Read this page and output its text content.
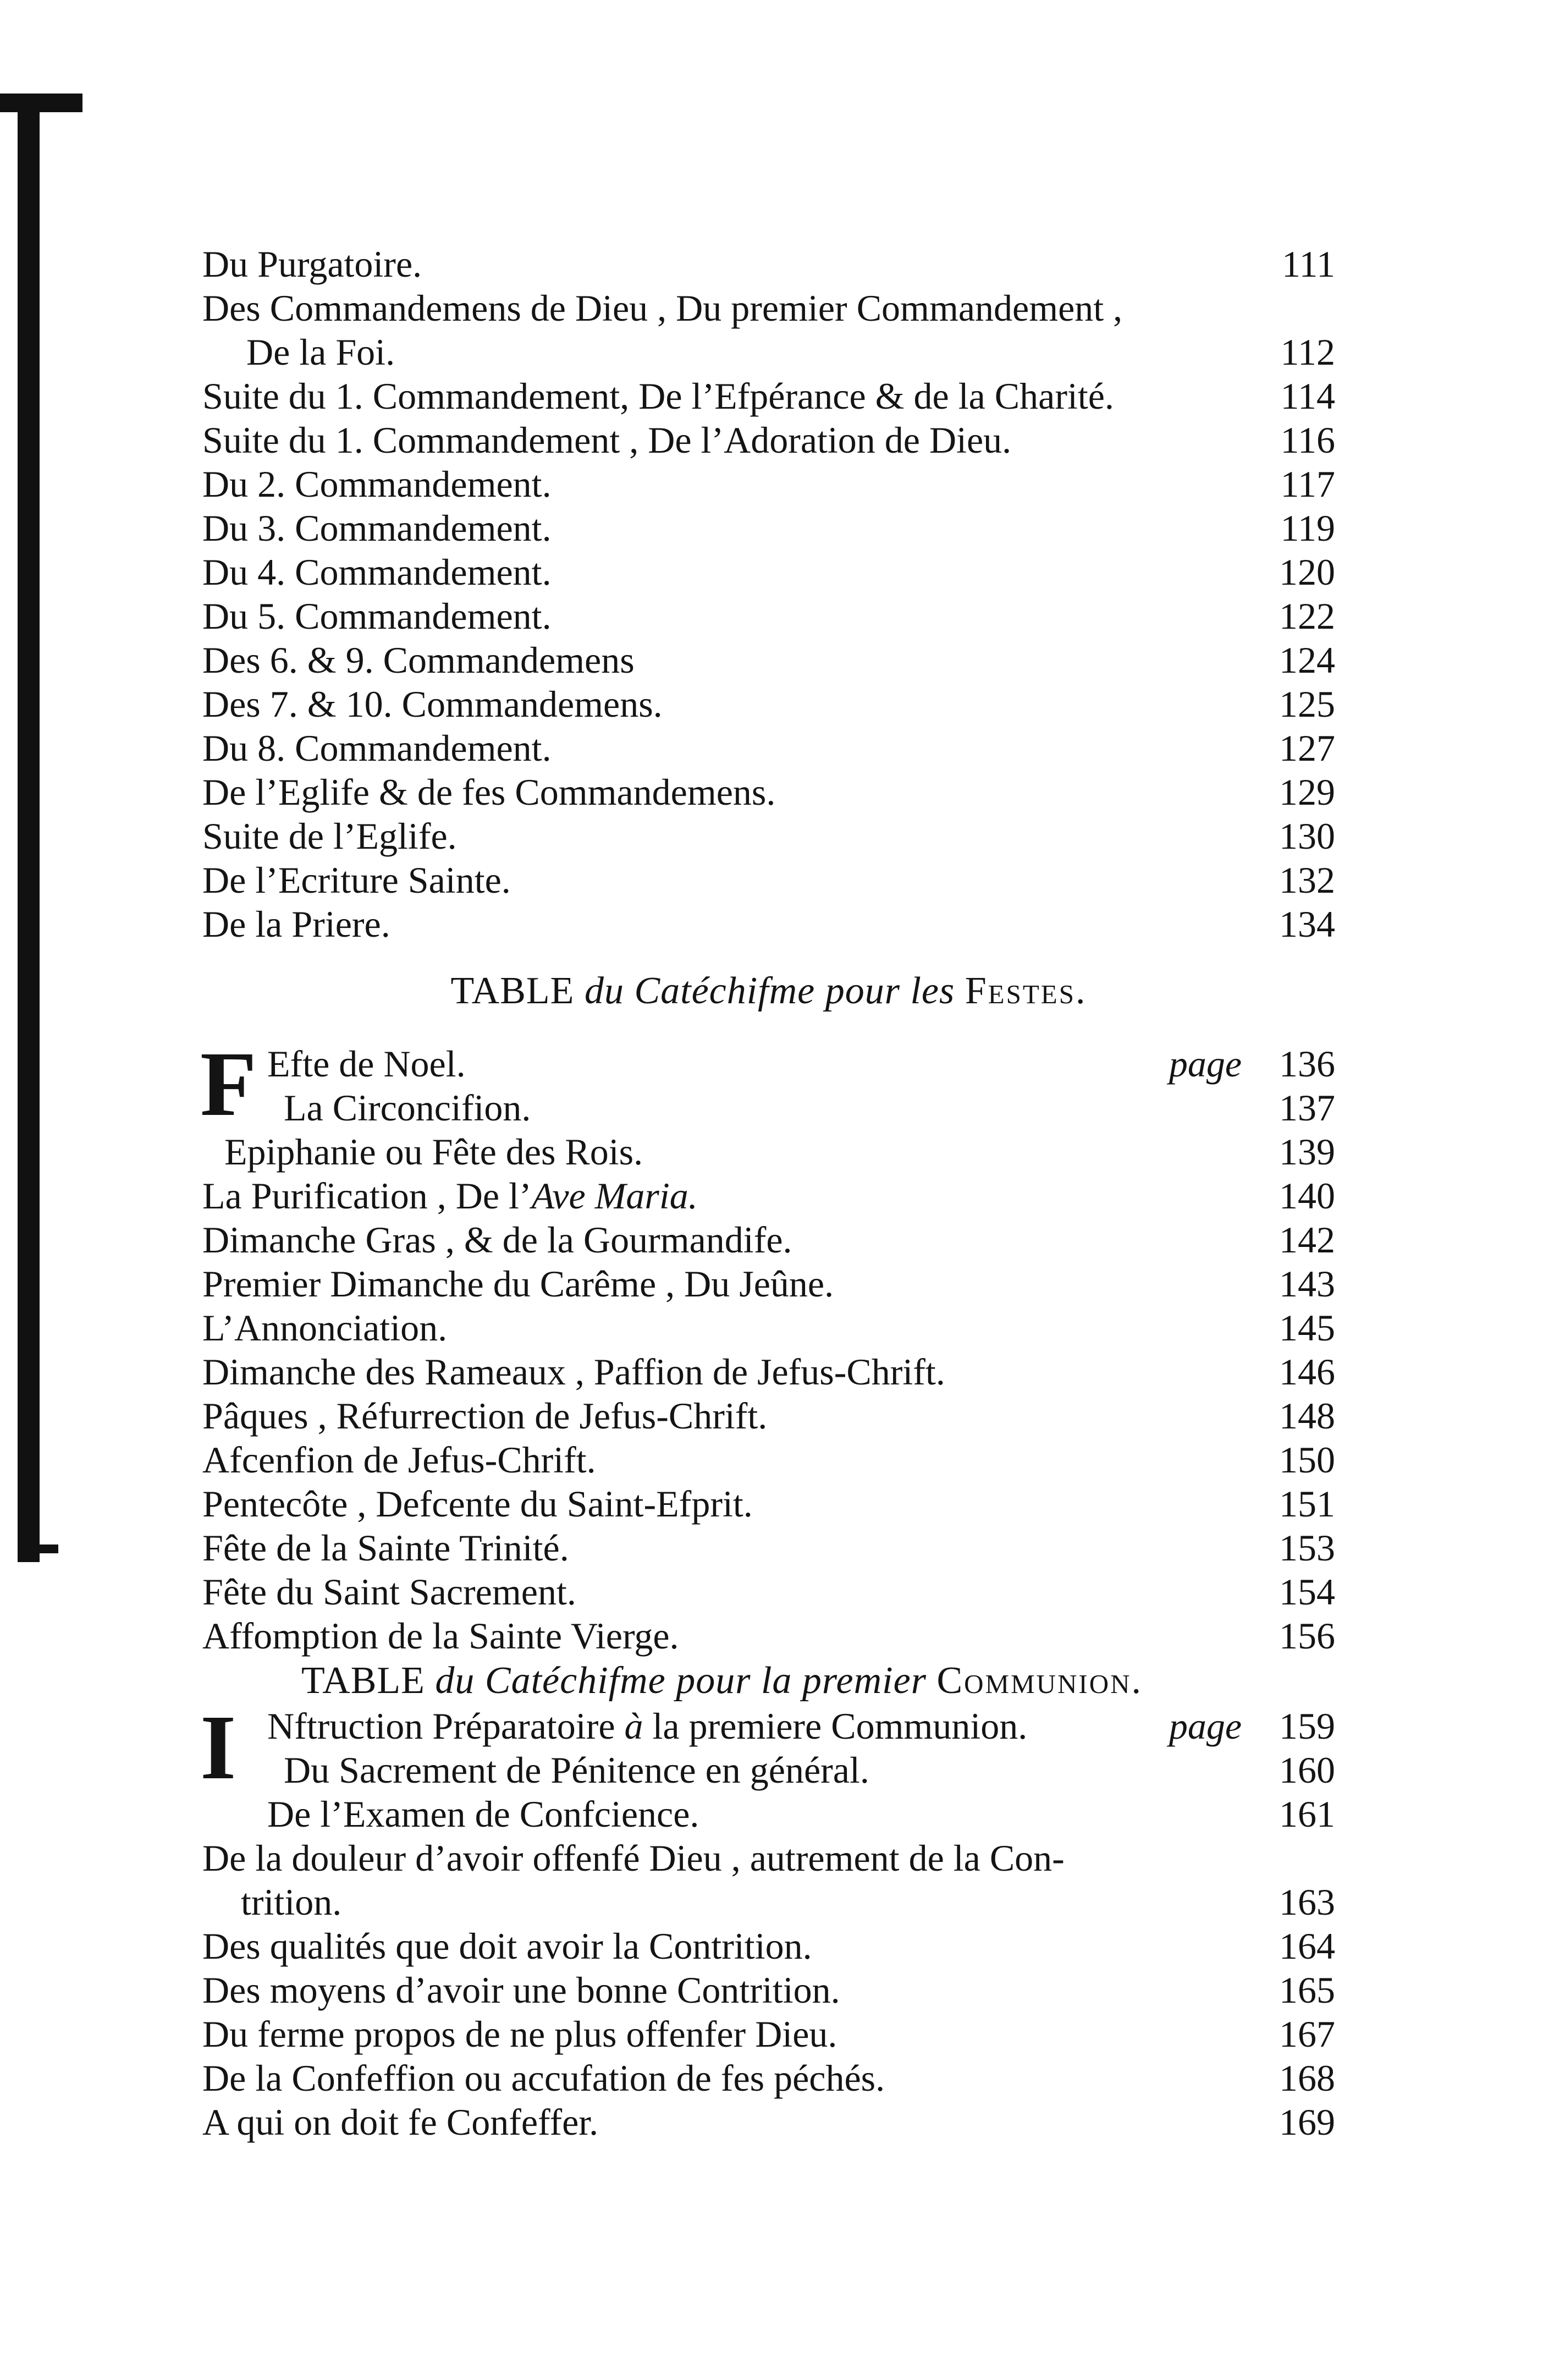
Du Purgatoire.	111
Des Commandemens de Dieu , Du premier Commandement ,
De la Foi.	112
Suite du 1. Commandement, De l’Efpérance & de la Charité.	114
Suite du 1. Commandement , De l’Adoration de Dieu.	116
Du 2. Commandement.	117
Du 3. Commandement.	119
Du 4. Commandement.	120
Du 5. Commandement.	122
Des 6. & 9. Commandemens	124
Des 7. & 10. Commandemens.	125
Du 8. Commandement.	127
De l’Eglife & de fes Commandemens.	129
Suite de l’Eglife.	130
De l’Ecriture Sainte.	132
De la Priere.	134
TABLE du Catéchifme pour les Festes.
F Efte de Noel.	page	136
La Circoncifion.	137
Epiphanie ou Fête des Rois.	139
La Purification , De l’Ave Maria.	140
Dimanche Gras , & de la Gourmandife.	142
Premier Dimanche du Carême , Du Jeûne.	143
L’Annonciation.	145
Dimanche des Rameaux , Paffion de Jefus-Chrift.	146
Pâques , Réfurrection de Jefus-Chrift.	148
Afcenfion de Jefus-Chrift.	150
Pentecôte , Defcente du Saint-Efprit.	151
Fête de la Sainte Trinité.	153
Fête du Saint Sacrement.	154
Affomption de la Sainte Vierge.	156
TABLE du Catéchifme pour la premier Communion.
I Nftruction Préparatoire à la premiere Communion.	page	159
Du Sacrement de Pénitence en général.	160
De l’Examen de Confcience.	161
De la douleur d’avoir offenfé Dieu , autrement de la Con-
trition.	163
Des qualités que doit avoir la Contrition.	164
Des moyens d’avoir une bonne Contrition.	165
Du ferme propos de ne plus offenfer Dieu.	167
De la Confeffion ou accufation de fes péchés.	168
A qui on doit fe Confeffer.	169
